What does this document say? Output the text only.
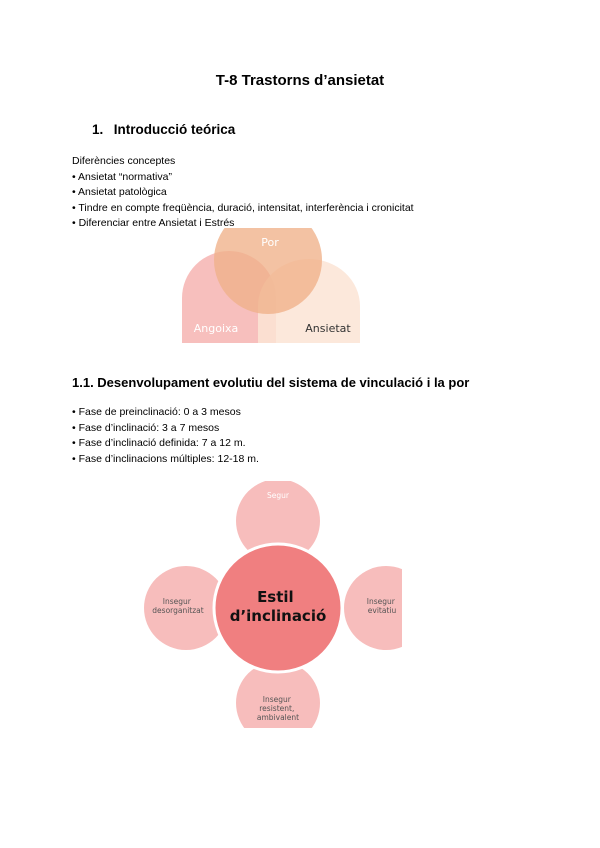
T-8 Trastorns d’ansietat
1. Introducció teórica
Diferències conceptes
• Ansietat “normativa”
• Ansietat patològica
• Tindre en compte freqüència, duració, intensitat, interferència i cronicitat
• Diferenciar entre Ansietat i Estrés
Por
Angoixa	Ansietat
1.1. Desenvolupament evolutiu del sistema de vinculació i la por
• Fase de preinclinació: 0 a 3 mesos
• Fase d’inclinació: 3 a 7 mesos
• Fase d’inclinació definida: 7 a 12 m.
• Fase d’inclinacions múltiples: 12-18 m.
Estil d’inclinació
Segur
Insegur evitatiu
Insegur resistent, ambivalent
Insegur desorganitzat
